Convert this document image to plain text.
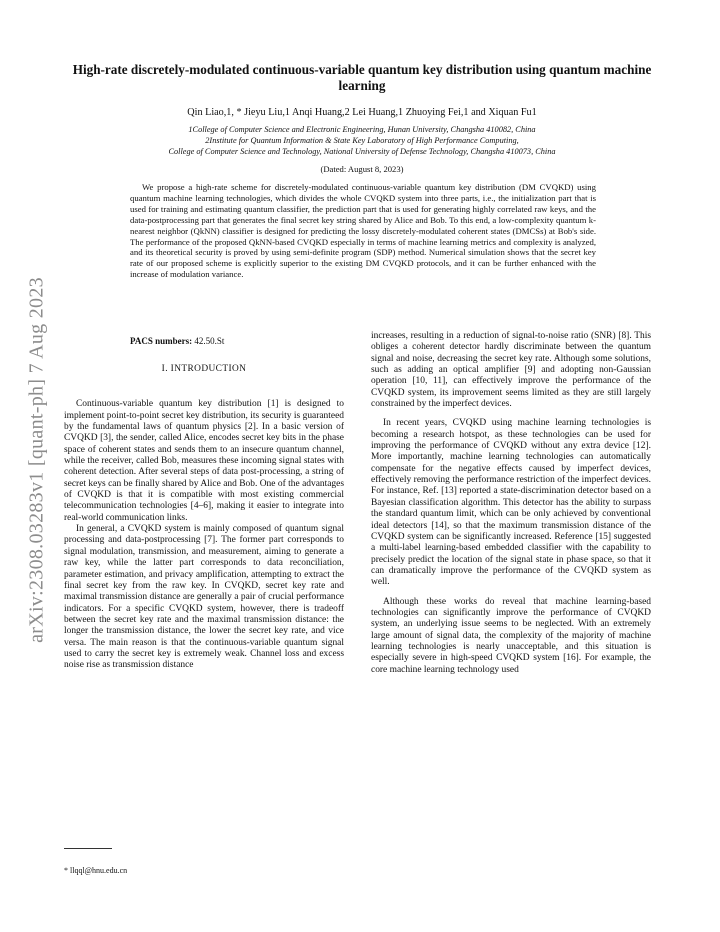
arXiv:2308.03283v1 [quant-ph] 7 Aug 2023
High-rate discretely-modulated continuous-variable quantum key distribution using quantum machine learning
Qin Liao,1, * Jieyu Liu,1 Anqi Huang,2 Lei Huang,1 Zhuoying Fei,1 and Xiquan Fu1
1College of Computer Science and Electronic Engineering, Hunan University, Changsha 410082, China
2Institute for Quantum Information & State Key Laboratory of High Performance Computing,
College of Computer Science and Technology, National University of Defense Technology, Changsha 410073, China
(Dated: August 8, 2023)
We propose a high-rate scheme for discretely-modulated continuous-variable quantum key distribution (DM CVQKD) using quantum machine learning technologies, which divides the whole CVQKD system into three parts, i.e., the initialization part that is used for training and estimating quantum classifier, the prediction part that is used for generating highly correlated raw keys, and the data-postprocessing part that generates the final secret key string shared by Alice and Bob. To this end, a low-complexity quantum k-nearest neighbor (QkNN) classifier is designed for predicting the lossy discretely-modulated coherent states (DMCSs) at Bob's side. The performance of the proposed QkNN-based CVQKD especially in terms of machine learning metrics and complexity is analyzed, and its theoretical security is proved by using semi-definite program (SDP) method. Numerical simulation shows that the secret key rate of our proposed scheme is explicitly superior to the existing DM CVQKD protocols, and it can be further enhanced with the increase of modulation variance.
PACS numbers: 42.50.St
I. INTRODUCTION

Continuous-variable quantum key distribution [1] is designed to implement point-to-point secret key distribution, its security is guaranteed by the fundamental laws of quantum physics [2]. In a basic version of CVQKD [3], the sender, called Alice, encodes secret key bits in the phase space of coherent states and sends them to an insecure quantum channel, while the receiver, called Bob, measures these incoming signal states with coherent detection. After several steps of data post-processing, a string of secret keys can be finally shared by Alice and Bob. One of the advantages of CVQKD is that it is compatible with most existing commercial telecommunication technologies [4–6], making it easier to integrate into real-world communication links.

In general, a CVQKD system is mainly composed of quantum signal processing and data-postprocessing [7]. The former part corresponds to signal modulation, transmission, and measurement, aiming to generate a raw key, while the latter part corresponds to data reconciliation, parameter estimation, and privacy amplification, attempting to extract the final secret key from the raw key. In CVQKD, secret key rate and maximal transmission distance are generally a pair of crucial performance indicators. For a specific CVQKD system, however, there is tradeoff between the secret key rate and the maximal transmission distance: the longer the transmission distance, the lower the secret key rate, and vice versa. The main reason is that the continuous-variable quantum signal used to carry the secret key is extremely weak. Channel loss and excess noise rise as transmission distance

increases, resulting in a reduction of signal-to-noise ratio (SNR) [8]. This obliges a coherent detector hardly discriminate between the quantum signal and noise, decreasing the secret key rate. Although some solutions, such as adding an optical amplifier [9] and adopting non-Gaussian operation [10, 11], can effectively improve the performance of the CVQKD system, its improvement seems limited as they are still largely constrained by the imperfect devices.

In recent years, CVQKD using machine learning technologies is becoming a research hotspot, as these technologies can be used for improving the performance of CVQKD without any extra device [12]. More importantly, machine learning technologies can automatically compensate for the negative effects caused by imperfect devices, effectively removing the performance restriction of the imperfect devices. For instance, Ref. [13] reported a state-discrimination detector based on a Bayesian classification algorithm. This detector has the ability to surpass the standard quantum limit, which can be only achieved by conventional ideal detectors [14], so that the maximum transmission distance of the CVQKD system can be significantly increased. Reference [15] suggested a multi-label learning-based embedded classifier with the capability to precisely predict the location of the signal state in phase space, so that it can dramatically improve the performance of the CVQKD system as well.

Although these works do reveal that machine learning-based technologies can significantly improve the performance of CVQKD system, an underlying issue seems to be neglected. With an extremely large amount of signal data, the complexity of the majority of machine learning technologies is nearly unacceptable, and this situation is especially severe in high-speed CVQKD system [16]. For example, the core machine learning technology used

* llqql@hnu.edu.cn
